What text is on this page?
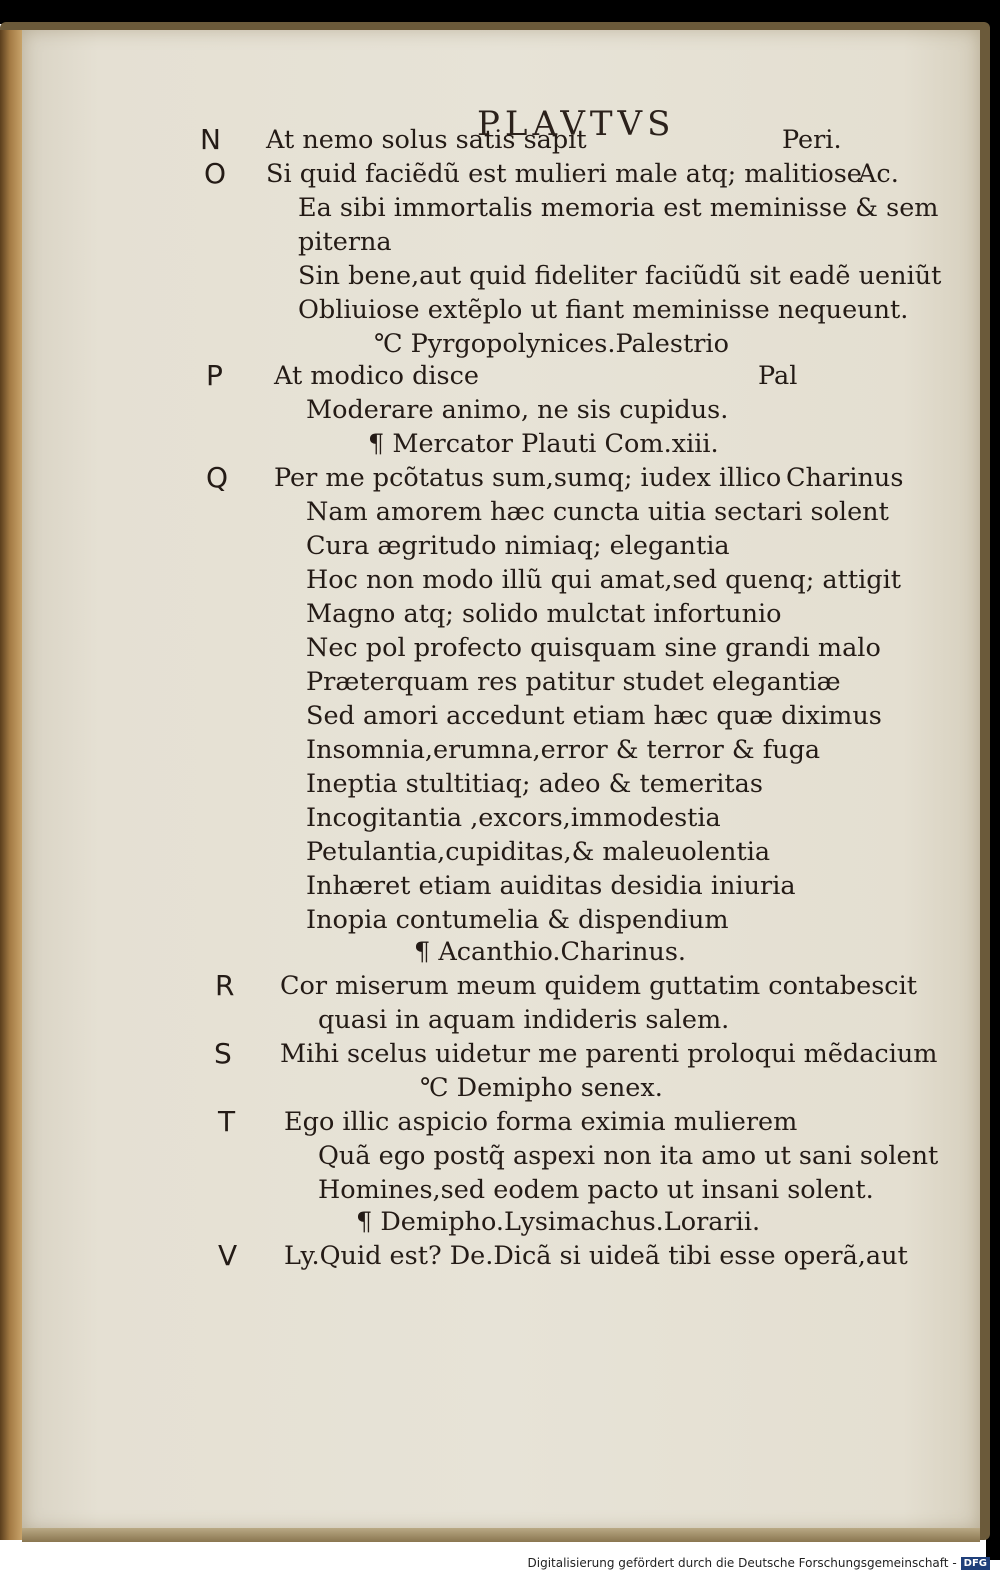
PLAVTVS
N
O
P
Q
R
S
T
V
At nemo solus satis sapit	Peri.
Si quid faciẽdũ est mulieri male atq; malitiose
Ac.
Ea sibi immortalis memoria est meminisse & sem
piterna
Sin bene,aut quid fideliter faciũdũ sit eadẽ ueniũt
Obliuiose extẽplo ut fiant meminisse nequeunt.
℃ Pyrgopolynices.Palestrio
At modico disce	Pal
Moderare animo, ne sis cupidus.
¶ Mercator Plauti Com.xiii.
Per me pcõtatus sum,sumq; iudex illico Charinus
Nam amorem hæc cuncta uitia sectari solent
Cura ægritudo nimiaq; elegantia
Hoc non modo illũ qui amat,sed quenq; attigit
Magno atq; solido mulctat infortunio
Nec pol profecto quisquam sine grandi malo
Præterquam res patitur studet elegantiæ
Sed amori accedunt etiam hæc quæ diximus
Insomnia,erumna,error & terror & fuga
Ineptia stultitiaq; adeo & temeritas
Incogitantia ,excors,immodestia
Petulantia,cupiditas,& maleuolentia
Inhæret etiam auiditas desidia iniuria
Inopia contumelia & dispendium
¶ Acanthio.Charinus.
Cor miserum meum quidem guttatim contabescit
quasi in aquam indideris salem.
Mihi scelus uidetur me parenti proloqui mẽdacium
℃ Demipho senex.
Ego illic aspicio forma eximia mulierem
Quã ego postq̃ aspexi non ita amo ut sani solent
Homines,sed eodem pacto ut insani solent.
¶ Demipho.Lysimachus.Lorarii.
Ly.Quid est? De.Dicã si uideã tibi esse operã,aut
Digitalisierung gefördert durch die Deutsche Forschungsgemeinschaft - DFG
